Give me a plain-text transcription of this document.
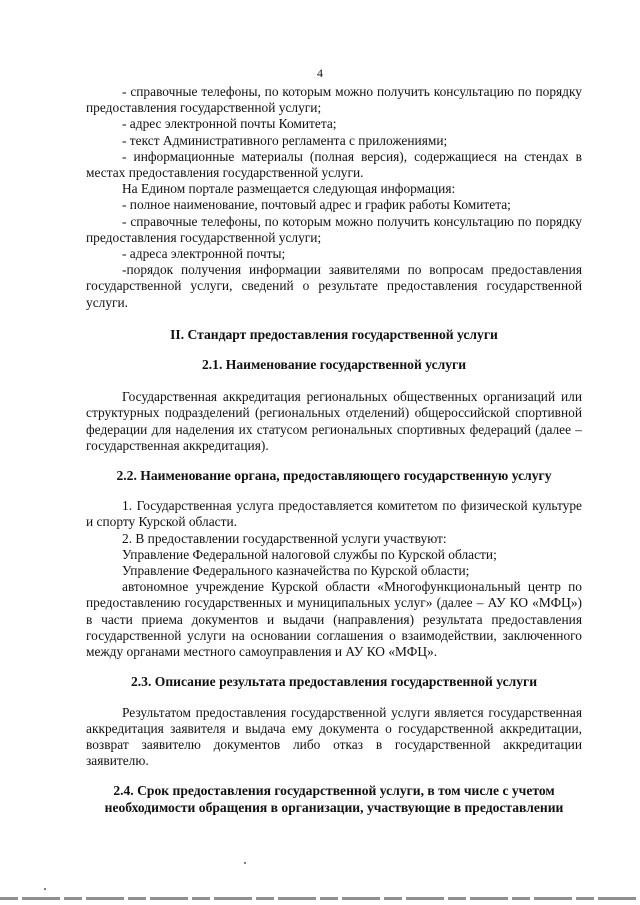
4

- справочные телефоны, по которым можно получить консультацию по порядку предоставления государственной услуги;

- адрес электронной почты Комитета;

- текст Административного регламента с приложениями;

- информационные материалы (полная версия), содержащиеся на стендах в местах предоставления государственной услуги.

На Едином портале размещается следующая информация:

- полное наименование, почтовый адрес и график работы Комитета;

- справочные телефоны, по которым можно получить консультацию по порядку предоставления государственной услуги;

- адреса электронной почты;

-порядок получения информации заявителями по вопросам предоставления государственной услуги, сведений о результате предоставления государственной услуги.

II. Стандарт предоставления государственной услуги

2.1. Наименование государственной услуги

Государственная аккредитация региональных общественных организаций или структурных подразделений (региональных отделений) общероссийской спортивной федерации для наделения их статусом региональных спортивных федераций (далее – государственная аккредитация).

2.2. Наименование органа, предоставляющего государственную услугу

1. Государственная услуга предоставляется комитетом по физической культуре и спорту Курской области.

2. В предоставлении государственной услуги участвуют:

Управление Федеральной налоговой службы по Курской области;

Управление Федерального казначейства по Курской области;

автономное учреждение Курской области «Многофункциональный центр по предоставлению государственных и муниципальных услуг» (далее – АУ КО «МФЦ») в части приема документов и выдачи (направления) результата предоставления государственной услуги на основании соглашения о взаимодействии, заключенного между органами местного самоуправления и АУ КО «МФЦ».

2.3. Описание результата предоставления государственной услуги

Результатом предоставления государственной услуги является государственная аккредитация заявителя и выдача ему документа о государственной аккредитации, возврат заявителю документов либо отказ в государственной аккредитации заявителю.

2.4. Срок предоставления государственной услуги, в том числе с учетом

необходимости обращения в организации, участвующие в предоставлении
